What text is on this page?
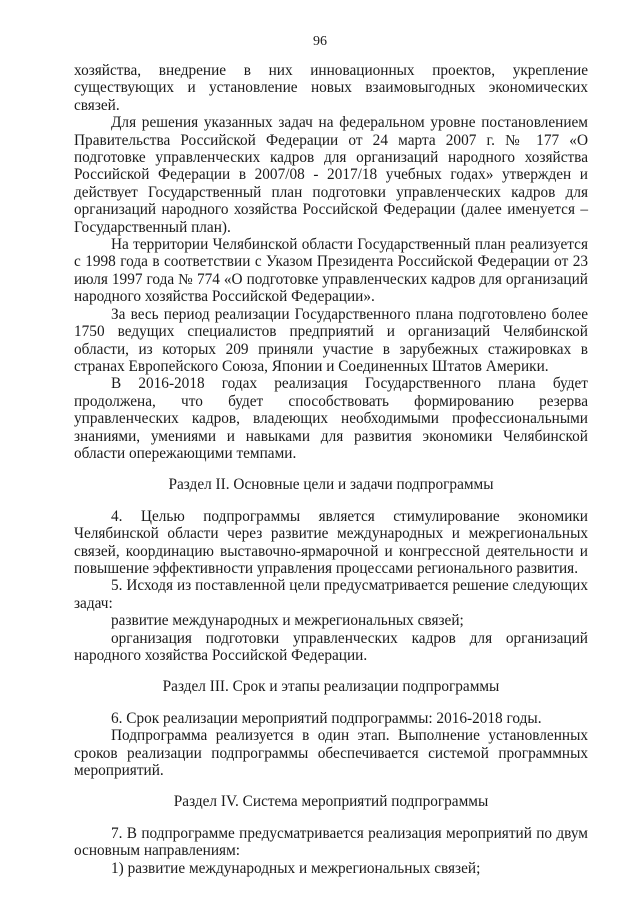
96

хозяйства, внедрение в них инновационных проектов, укрепление существующих и установление новых взаимовыгодных экономических связей.

Для решения указанных задач на федеральном уровне постановлением Правительства Российской Федерации от 24 марта 2007 г. № 177 «О подготовке управленческих кадров для организаций народного хозяйства Российской Федерации в 2007/08 - 2017/18 учебных годах» утвержден и действует Государственный план подготовки управленческих кадров для организаций народного хозяйства Российской Федерации (далее именуется – Государственный план).

На территории Челябинской области Государственный план реализуется с 1998 года в соответствии с Указом Президента Российской Федерации от 23 июля 1997 года № 774 «О подготовке управленческих кадров для организаций народного хозяйства Российской Федерации».

За весь период реализации Государственного плана подготовлено более 1750 ведущих специалистов предприятий и организаций Челябинской области, из которых 209 приняли участие в зарубежных стажировках в странах Европейского Союза, Японии и Соединенных Штатов Америки.

В 2016-2018 годах реализация Государственного плана будет продолжена, что будет способствовать формированию резерва управленческих кадров, владеющих необходимыми профессиональными знаниями, умениями и навыками для развития экономики Челябинской области опережающими темпами.

Раздел II. Основные цели и задачи подпрограммы

4. Целью подпрограммы является стимулирование экономики Челябинской области через развитие международных и межрегиональных связей, координацию выставочно-ярмарочной и конгрессной деятельности и повышение эффективности управления процессами регионального развития.

5. Исходя из поставленной цели предусматривается решение следующих задач:

развитие международных и межрегиональных связей;

организация подготовки управленческих кадров для организаций народного хозяйства Российской Федерации.

Раздел III. Срок и этапы реализации подпрограммы

6. Срок реализации мероприятий подпрограммы: 2016-2018 годы.

Подпрограмма реализуется в один этап. Выполнение установленных сроков реализации подпрограммы обеспечивается системой программных мероприятий.

Раздел IV. Система мероприятий подпрограммы

7. В подпрограмме предусматривается реализация мероприятий по двум основным направлениям:

1) развитие международных и межрегиональных связей;
